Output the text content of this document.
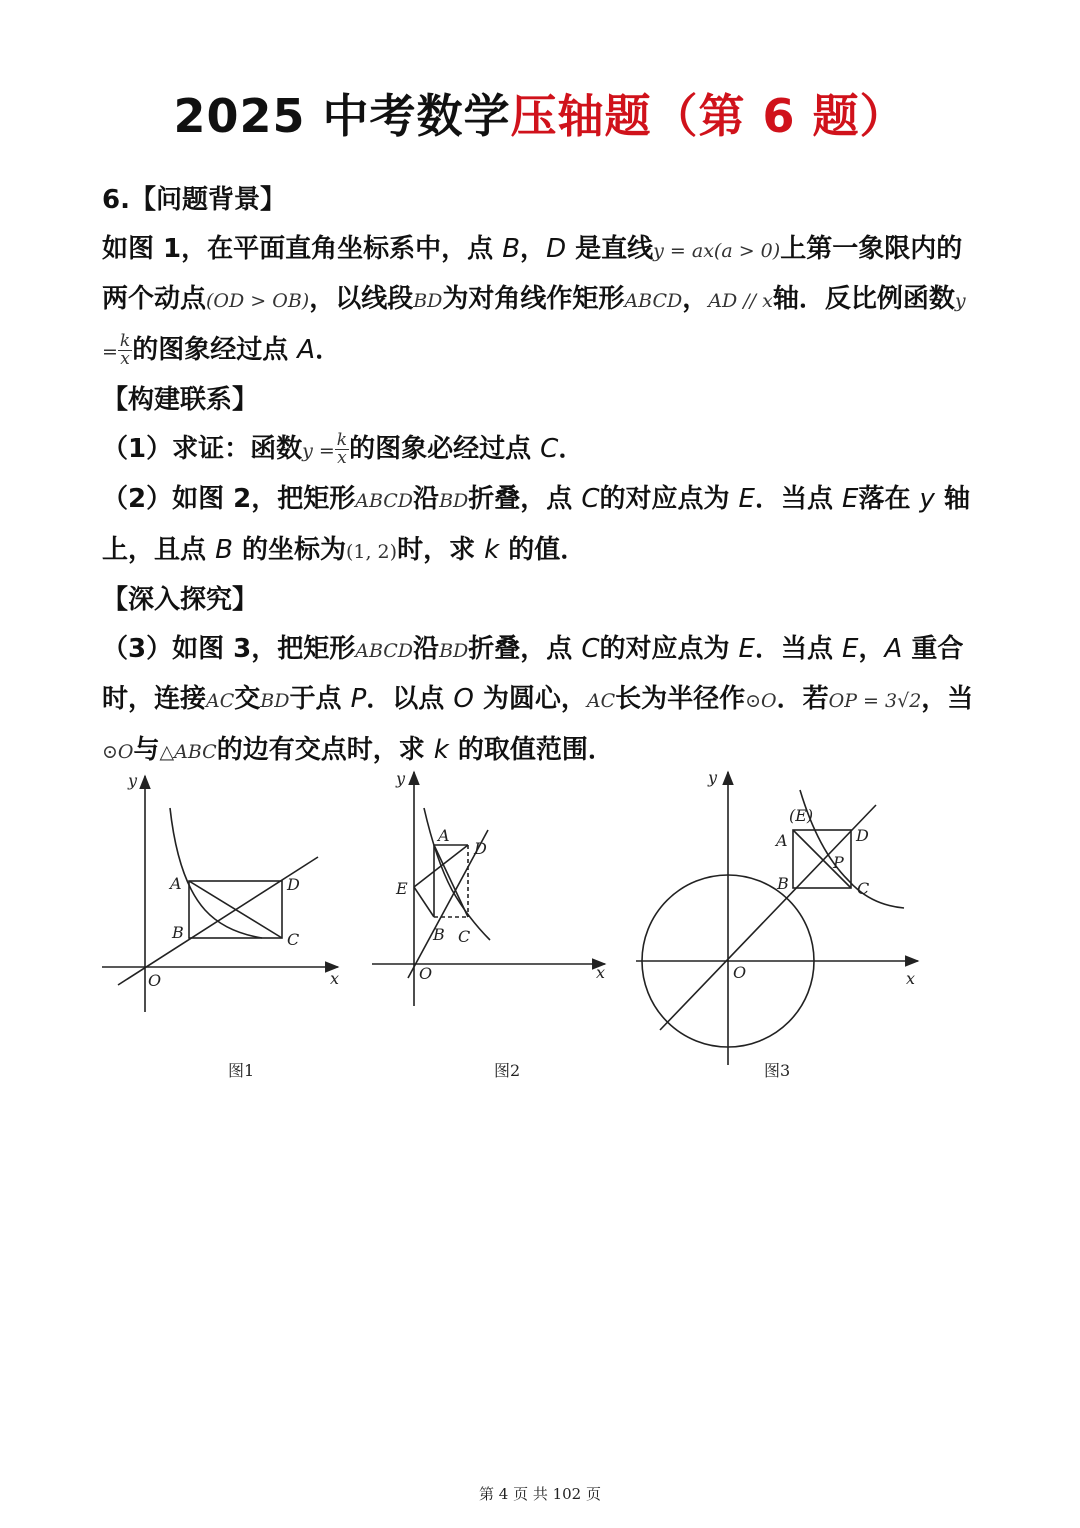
2025 中考数学压轴题（第 6 题）

6.【问题背景】

如图 1，在平面直角坐标系中，点 B，D 是直线y = ax(a > 0)上第一象限内的两个动点(OD > OB)，以线段BD为对角线作矩形ABCD，AD // x轴．反比例函数$y = \frac{k}{x}$ 的图象经过点 A．

【构建联系】

（1）求证：函数$y = \frac{k}{x}$ 的图象必经过点 C．

（2）如图 2，把矩形ABCD沿BD折叠，点 C的对应点为 E．当点 E落在 y 轴上，且点 B 的坐标为(1, 2)时，求 k 的值．

【深入探究】

（3）如图 3，把矩形ABCD沿BD折叠，点 C的对应点为 E．当点 E，A 重合时，连接AC交BD于点 P．以点 O 为圆心，AC长为半径作⊙O．若OP = 3√2，当⊙O与△ABC的边有交点时，求 k 的取值范围．

y
x
O
A
B	C
D
图1
y
x
O
A
B C
D
E
图2
y
x
O
A
B	C
D
(E)
P
图3
第 4 页 共 102 页
